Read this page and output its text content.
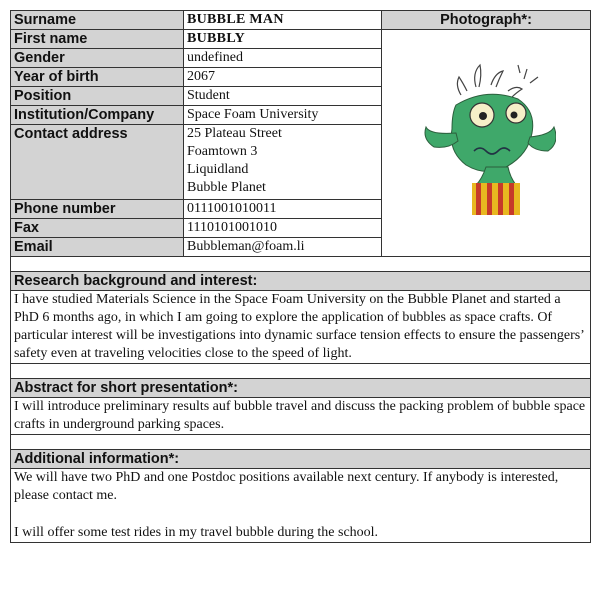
Surname	BUBBLE MAN	Photograph*:
First name	BUBBLY	
Gender	undefined	
Year of birth	2067	
Position	Student	
Institution/Company	Space Foam University	
Contact address	25 Plateau Street
Foamtown 3
Liquidland
Bubble Planet	

Phone number	0111001010011	
Fax	1110101001010	
Email	Bubbleman@foam.li	

Research background and interest:		
I have studied Materials Science in the Space Foam University on the Bubble Planet and started a PhD 6 months ago, in which I am going to explore the application of bubbles as space crafts. Of particular interest will be investigations into dynamic surface tension effects to ensure the passengers’ safety even at traveling velocities close to the speed of light.		

Abstract for short presentation*:		
I will introduce preliminary results auf bubble travel and discuss the packing problem of bubble space crafts in underground parking spaces.		

Additional information*:		

We will have two PhD and one Postdoc positions available next century. If anybody is interested, please contact me.
I will offer some test rides in my travel bubble during the school.		
